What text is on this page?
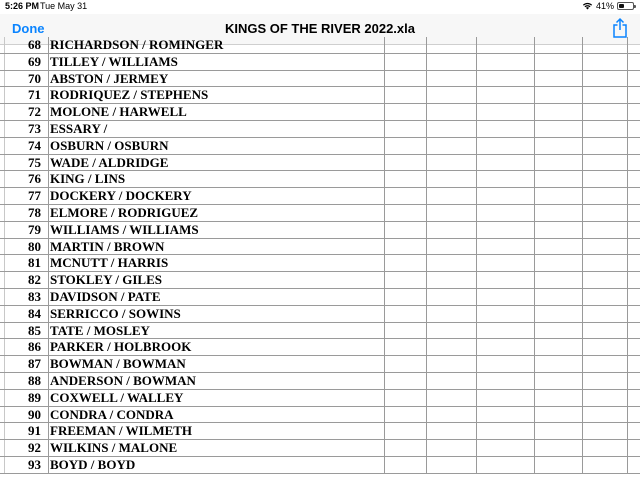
5:26 PM Tue May 31	41%
Done	KINGS OF THE RIVER 2022.xla
68 RICHARDSON / ROMINGER
69 TILLEY / WILLIAMS
70 ABSTON / JERMEY
71 RODRIQUEZ / STEPHENS
72 MOLONE / HARWELL
73 ESSARY /
74 OSBURN / OSBURN
75 WADE / ALDRIDGE
76 KING / LINS
77 DOCKERY / DOCKERY
78 ELMORE / RODRIGUEZ
79 WILLIAMS / WILLIAMS
80 MARTIN / BROWN
81 MCNUTT / HARRIS
82 STOKLEY / GILES
83 DAVIDSON / PATE
84 SERRICCO / SOWINS
85 TATE / MOSLEY
86 PARKER / HOLBROOK
87 BOWMAN / BOWMAN
88 ANDERSON / BOWMAN
89 COXWELL / WALLEY
90 CONDRA / CONDRA
91 FREEMAN / WILMETH
92 WILKINS / MALONE
93 BOYD / BOYD
